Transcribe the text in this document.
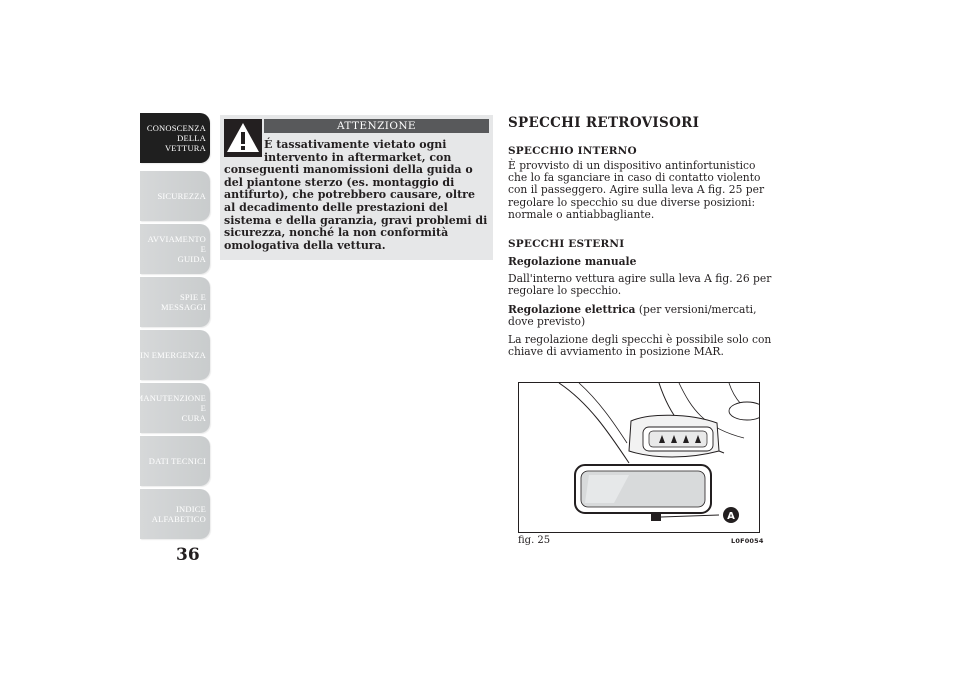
CONOSCENZA
DELLA VETTURA
SICUREZZA
AVVIAMENTO E
GUIDA
SPIE E MESSAGGI
IN EMERGENZA
MANUTENZIONE E
CURA
DATI TECNICI
INDICE
ALFABETICO
36
ATTENZIONE
É tassativamente vietato ogni intervento in aftermarket, con
conseguenti manomissioni della guida o del piantone sterzo (es. montaggio di antifurto), che potrebbero causare, oltre al decadimento delle prestazioni del sistema e della garanzia, gravi problemi di sicurezza, nonché la non conformità omologativa della vettura.
SPECCHI RETROVISORI
SPECCHIO INTERNO
È provvisto di un dispositivo antinfortunistico che lo fa sganciare in caso di contatto violento con il passeggero. Agire sulla leva A fig. 25 per regolare lo specchio su due diverse posizioni: normale o antiabbagliante.
SPECCHI ESTERNI
Regolazione manuale
Dall'interno vettura agire sulla leva A fig. 26 per regolare lo specchio.
Regolazione elettrica (per versioni/mercati, dove previsto)
La regolazione degli specchi è possibile solo con chiave di avviamento in posizione MAR.
A
fig. 25	L0F0054
